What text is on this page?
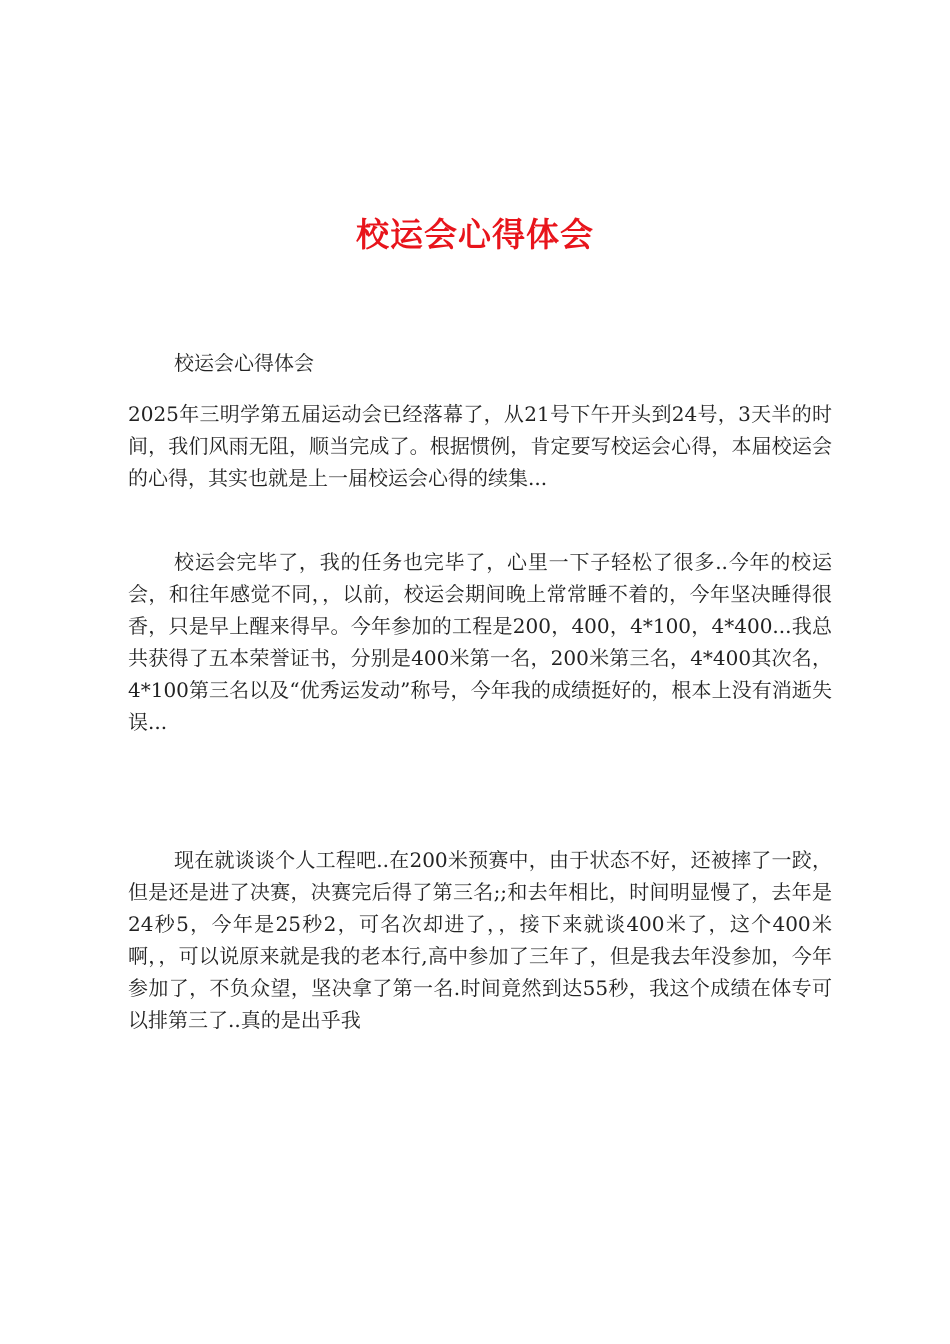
校运会心得体会
校运会心得体会
2025年三明学第五届运动会已经落幕了，从21号下午开头到24号，3天半的时间，我们风雨无阻，顺当完成了。根据惯例，肯定要写校运会心得，本届校运会的心得，其实也就是上一届校运会心得的续集...
校运会完毕了，我的任务也完毕了，心里一下子轻松了很多..今年的校运会，和往年感觉不同，，以前，校运会期间晚上常常睡不着的，今年坚决睡得很香，只是早上醒来得早。今年参加的工程是200，400，4*100，4*400...我总共获得了五本荣誉证书，分别是400米第一名，200米第三名，4*400其次名，4*100第三名以及“优秀运发动”称号，今年我的成绩挺好的，根本上没有消逝失误...
现在就谈谈个人工程吧..在200米预赛中，由于状态不好，还被摔了一跤，但是还是进了决赛，决赛完后得了第三名;;和去年相比，时间明显慢了，去年是24秒5，今年是25秒2，可名次却进了，，接下来就谈400米了，这个400米啊，，可以说原来就是我的老本行,高中参加了三年了，但是我去年没参加，今年参加了，不负众望，坚决拿了第一名.时间竟然到达55秒，我这个成绩在体专可以排第三了..真的是出乎我
